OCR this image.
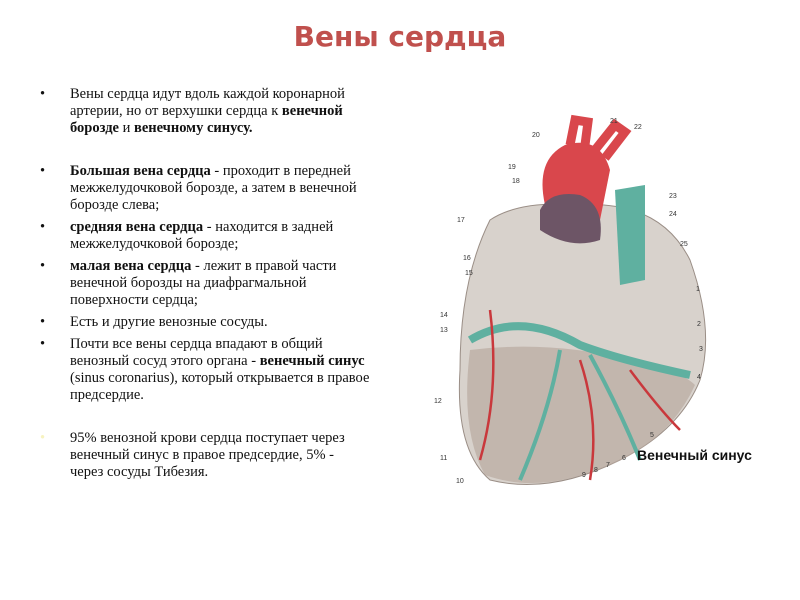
Вены сердца
• Вены сердца идут вдоль каждой коронарной артерии, но от верхушки сердца к венечной борозде и венечному синусу.
• Большая вена сердца - проходит в передней межжелудочковой борозде, а затем в венечной борозде слева;
• средняя вена сердца - находится в задней межжелудочковой борозде;
• малая вена сердца - лежит в правой части венечной борозды на диафрагмальной поверхности сердца;
• Есть и другие венозные сосуды.
• Почти все вены сердца впадают в общий венозный сосуд этого органа - венечный синус (sinus coronarius), который открывается в правое предсердие.
• 95% венозной крови сердца поступает через венечный синус в правое предсердие, 5% - через сосуды Тибезия.
1
2
3
4
5
6
7
8
9
10
11
12
13
14
15
16
17
18
19
20
21
22
23
24
25
Венечный синус
